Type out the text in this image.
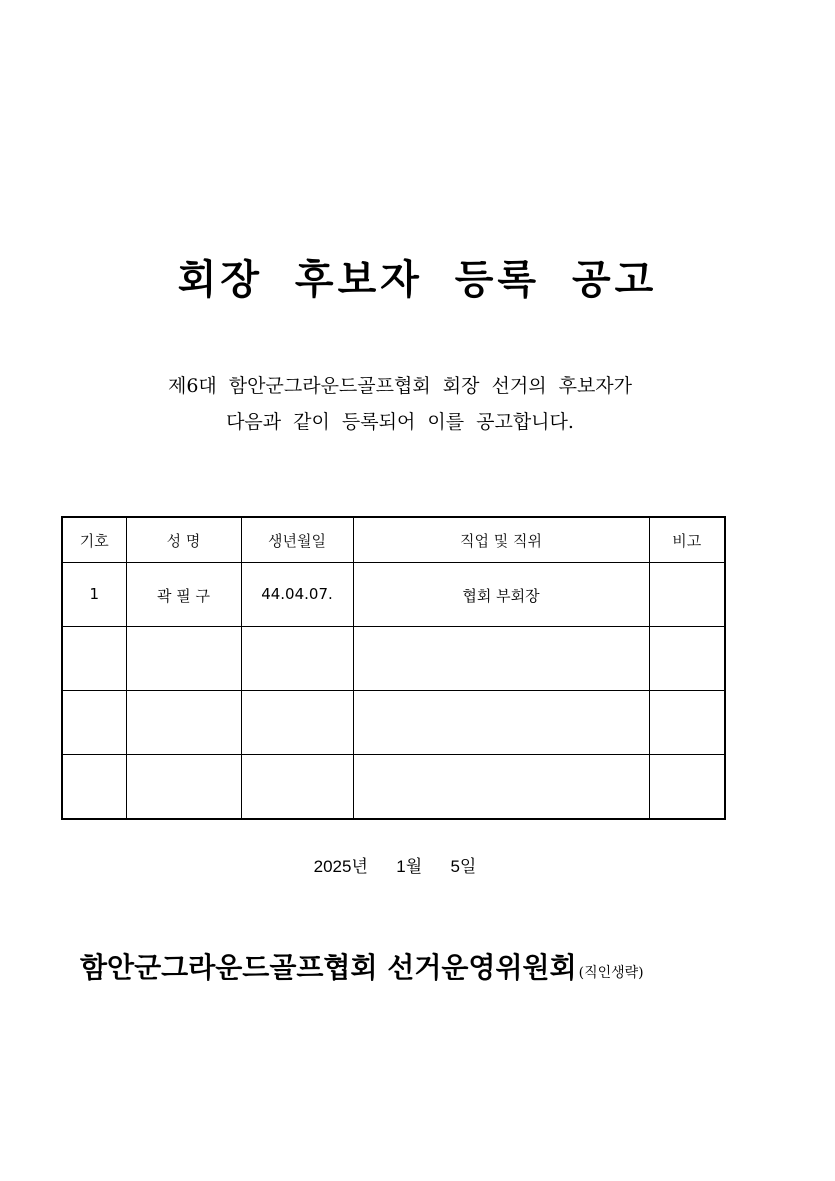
회장 후보자 등록 공고
제6대 함안군그라운드골프협회 회장 선거의 후보자가
다음과 같이 등록되어 이를 공고합니다.
기호	성 명	생년월일	직업 및 직위	비고
1	곽 필 구	44.04.07.	협회 부회장	

2025년 1월 5일
함안군그라운드골프협회 선거운영위원회 (직인생략)
